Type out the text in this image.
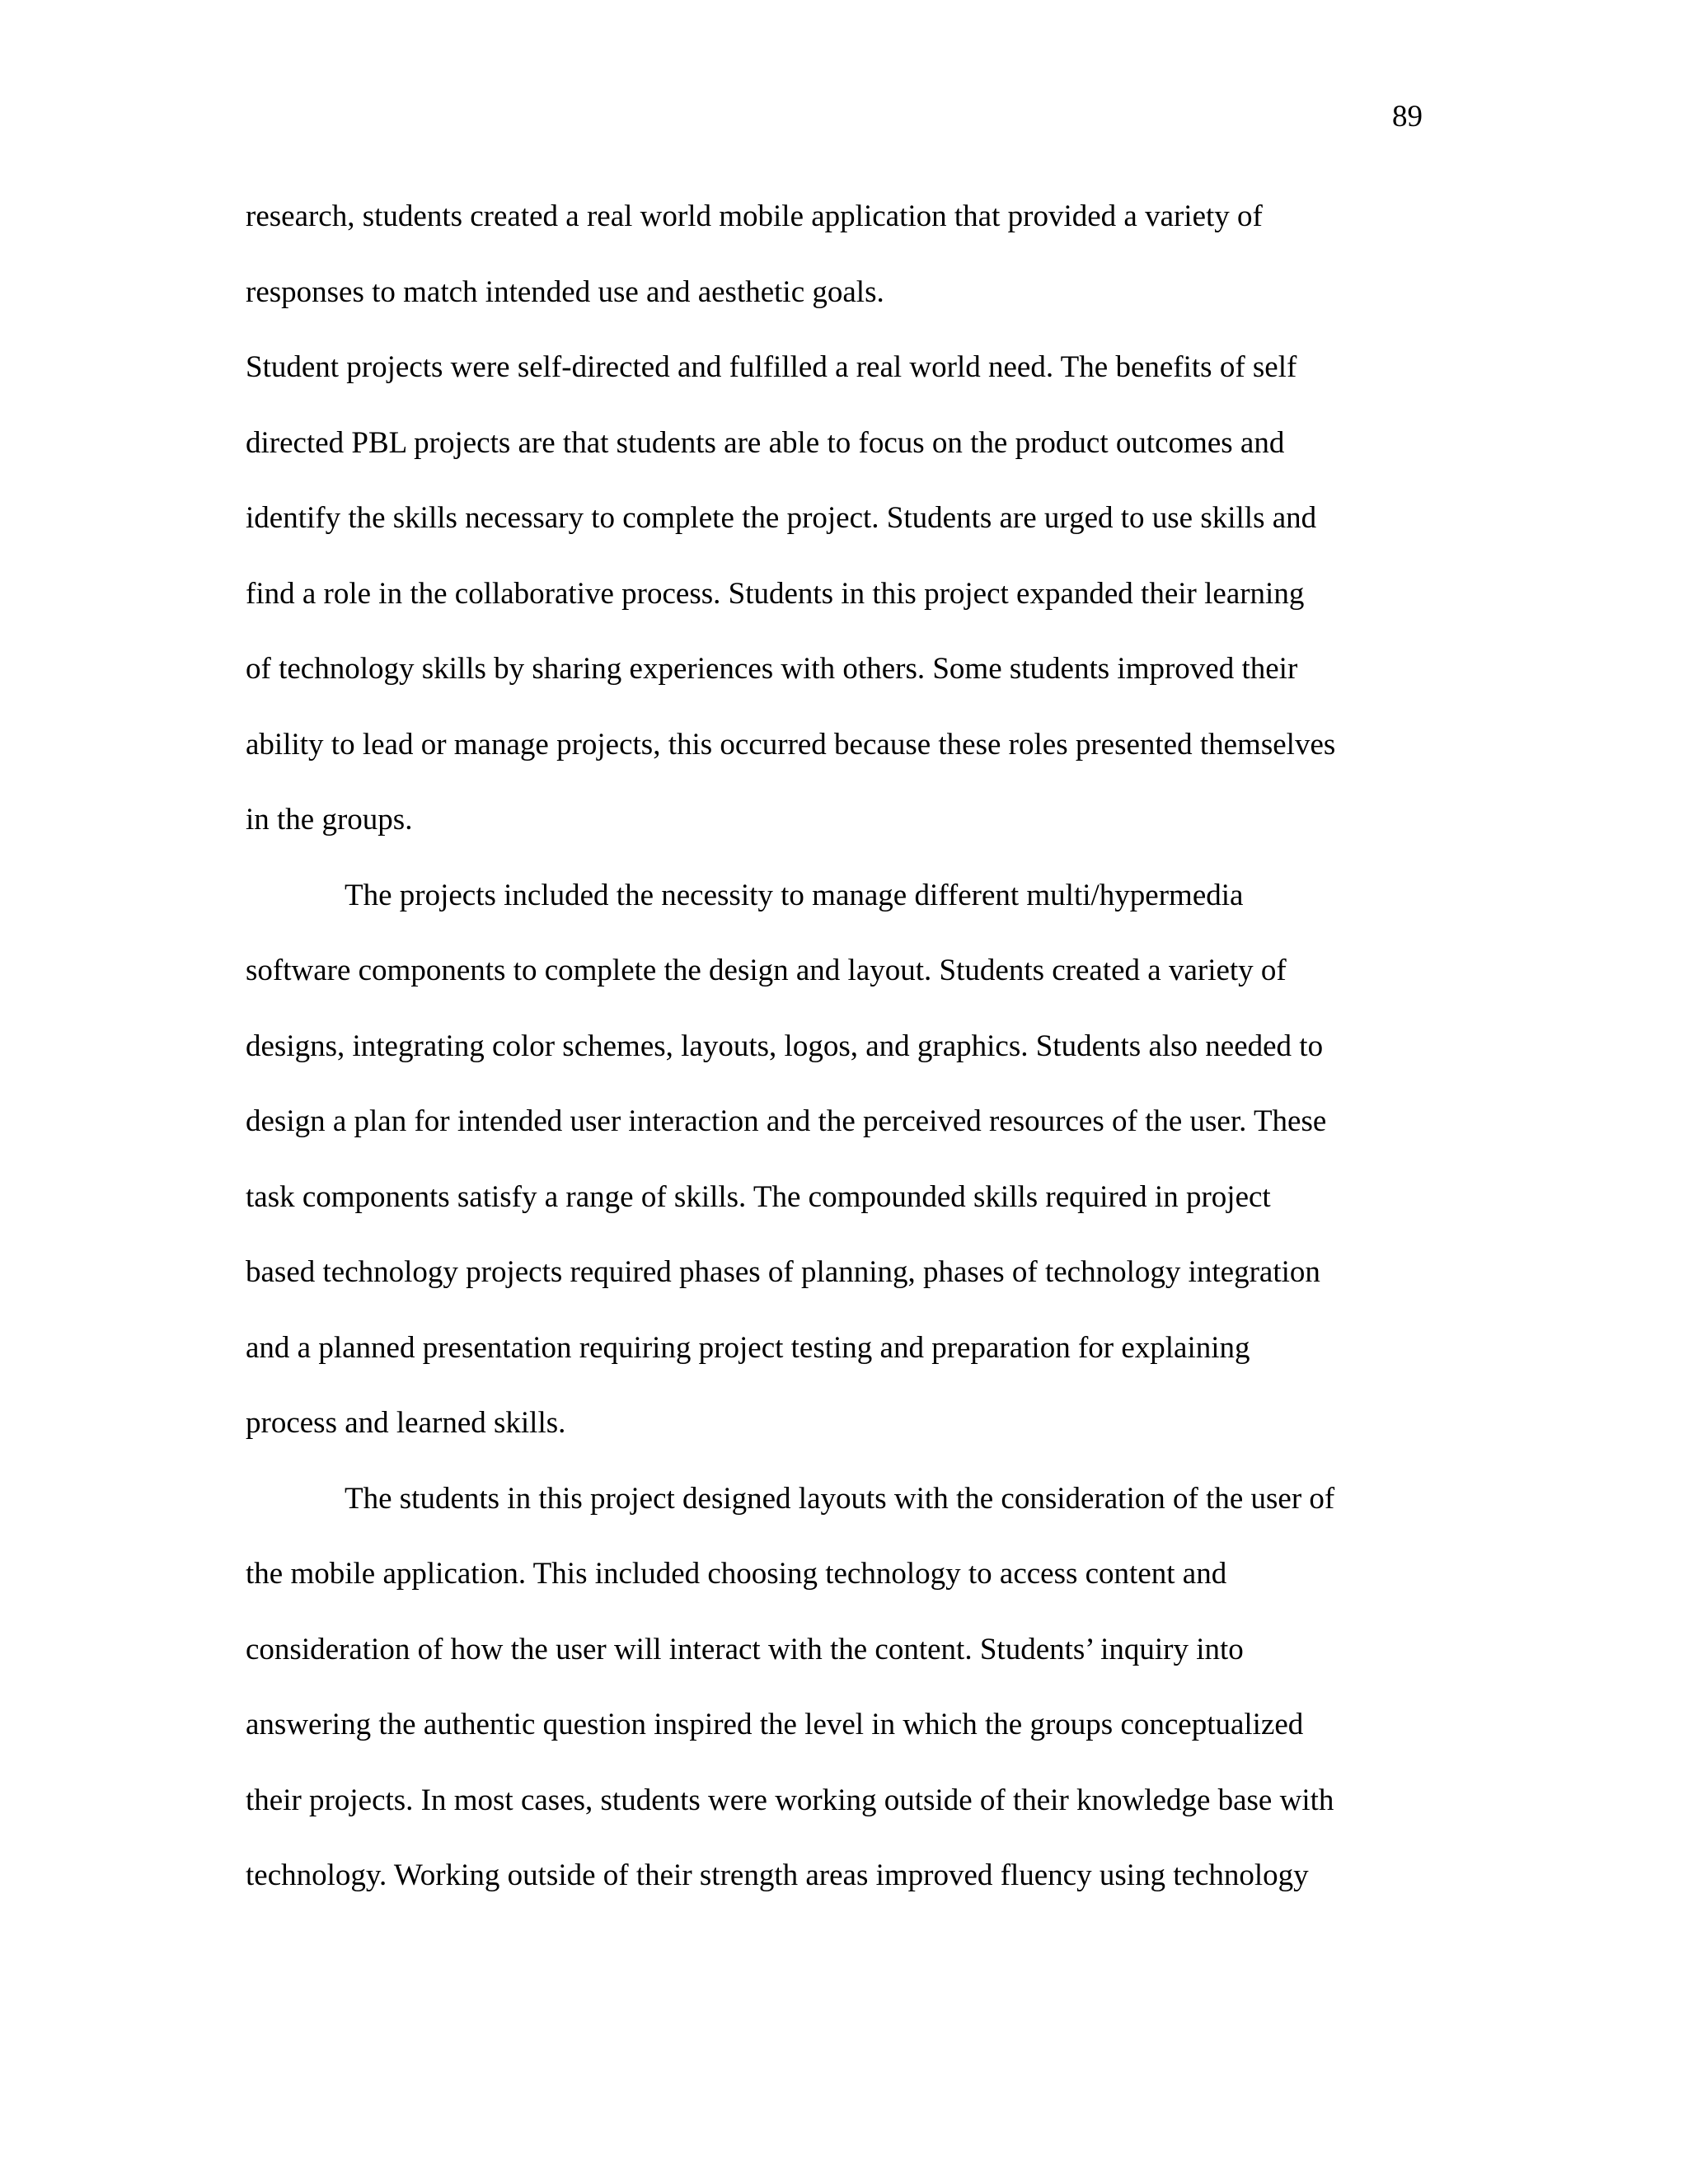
89
research, students created a real world mobile application that provided a variety of
responses to match intended use and aesthetic goals.
Student projects were self-directed and fulfilled a real world need. The benefits of self
directed PBL projects are that students are able to focus on the product outcomes and
identify the skills necessary to complete the project. Students are urged to use skills and
find a role in the collaborative process. Students in this project expanded their learning
of technology skills by sharing experiences with others. Some students improved their
ability to lead or manage projects, this occurred because these roles presented themselves
in the groups.
The projects included the necessity to manage different multi/hypermedia
software components to complete the design and layout. Students created a variety of
designs, integrating color schemes, layouts, logos, and graphics. Students also needed to
design a plan for intended user interaction and the perceived resources of the user. These
task components satisfy a range of skills. The compounded skills required in project
based technology projects required phases of planning, phases of technology integration
and a planned presentation requiring project testing and preparation for explaining
process and learned skills.
The students in this project designed layouts with the consideration of the user of
the mobile application. This included choosing technology to access content and
consideration of how the user will interact with the content. Students’ inquiry into
answering the authentic question inspired the level in which the groups conceptualized
their projects. In most cases, students were working outside of their knowledge base with
technology. Working outside of their strength areas improved fluency using technology
